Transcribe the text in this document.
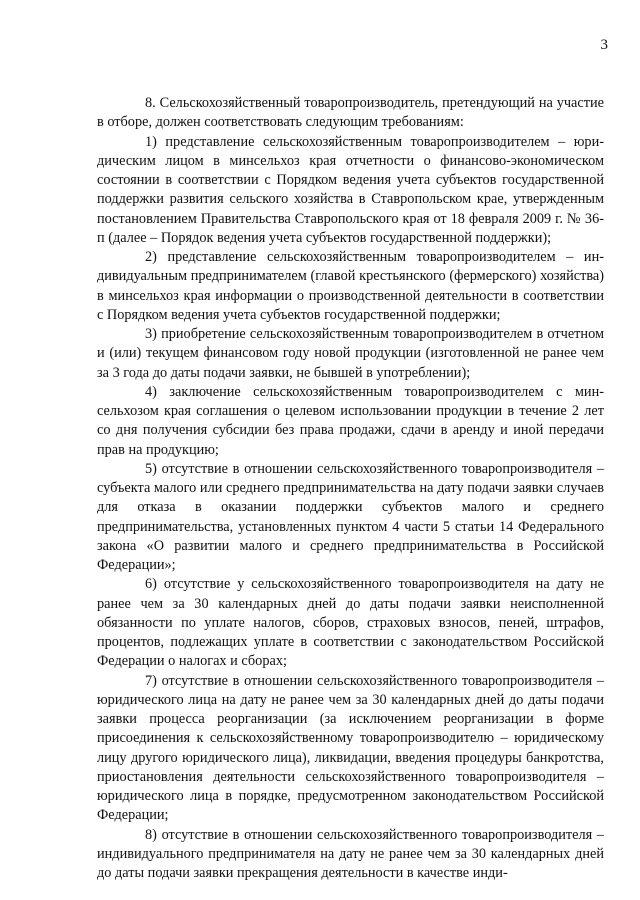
3

8. Сельскохозяйственный товаропроизводитель, претендующий на участие в отборе, должен соответствовать следующим требованиям:

1) представление сельскохозяйственным товаропроизводителем – юридическим лицом в минсельхоз края отчетности о финансово-экономическом состоянии в соответствии с Порядком ведения учета субъектов государственной поддержки развития сельского хозяйства в Ставропольском крае, утвержденным постановлением Правительства Ставропольского края от 18 февраля 2009 г. № 36-п (далее – Порядок ведения учета субъектов государственной поддержки);

2) представление сельскохозяйственным товаропроизводителем – индивидуальным предпринимателем (главой крестьянского (фермерского) хозяйства) в минсельхоз края информации о производственной деятельности в соответствии с Порядком ведения учета субъектов государственной поддержки;

3) приобретение сельскохозяйственным товаропроизводителем в отчетном и (или) текущем финансовом году новой продукции (изготовленной не ранее чем за 3 года до даты подачи заявки, не бывшей в употреблении);

4) заключение сельскохозяйственным товаропроизводителем с минсельхозом края соглашения о целевом использовании продукции в течение 2 лет со дня получения субсидии без права продажи, сдачи в аренду и иной передачи прав на продукцию;

5) отсутствие в отношении сельскохозяйственного товаропроизводителя – субъекта малого или среднего предпринимательства на дату подачи заявки случаев для отказа в оказании поддержки субъектов малого и среднего предпринимательства, установленных пунктом 4 части 5 статьи 14 Федерального закона «О развитии малого и среднего предпринимательства в Российской Федерации»;

6) отсутствие у сельскохозяйственного товаропроизводителя на дату не ранее чем за 30 календарных дней до даты подачи заявки неисполненной обязанности по уплате налогов, сборов, страховых взносов, пеней, штрафов, процентов, подлежащих уплате в соответствии с законодательством Российской Федерации о налогах и сборах;

7) отсутствие в отношении сельскохозяйственного товаропроизводителя – юридического лица на дату не ранее чем за 30 календарных дней до даты подачи заявки процесса реорганизации (за исключением реорганизации в форме присоединения к сельскохозяйственному товаропроизводителю – юридическому лицу другого юридического лица), ликвидации, введения процедуры банкротства, приостановления деятельности сельскохозяйственного товаропроизводителя – юридического лица в порядке, предусмотренном законодательством Российской Федерации;

8) отсутствие в отношении сельскохозяйственного товаропроизводителя – индивидуального предпринимателя на дату не ранее чем за 30 календарных дней до даты подачи заявки прекращения деятельности в качестве инди-
